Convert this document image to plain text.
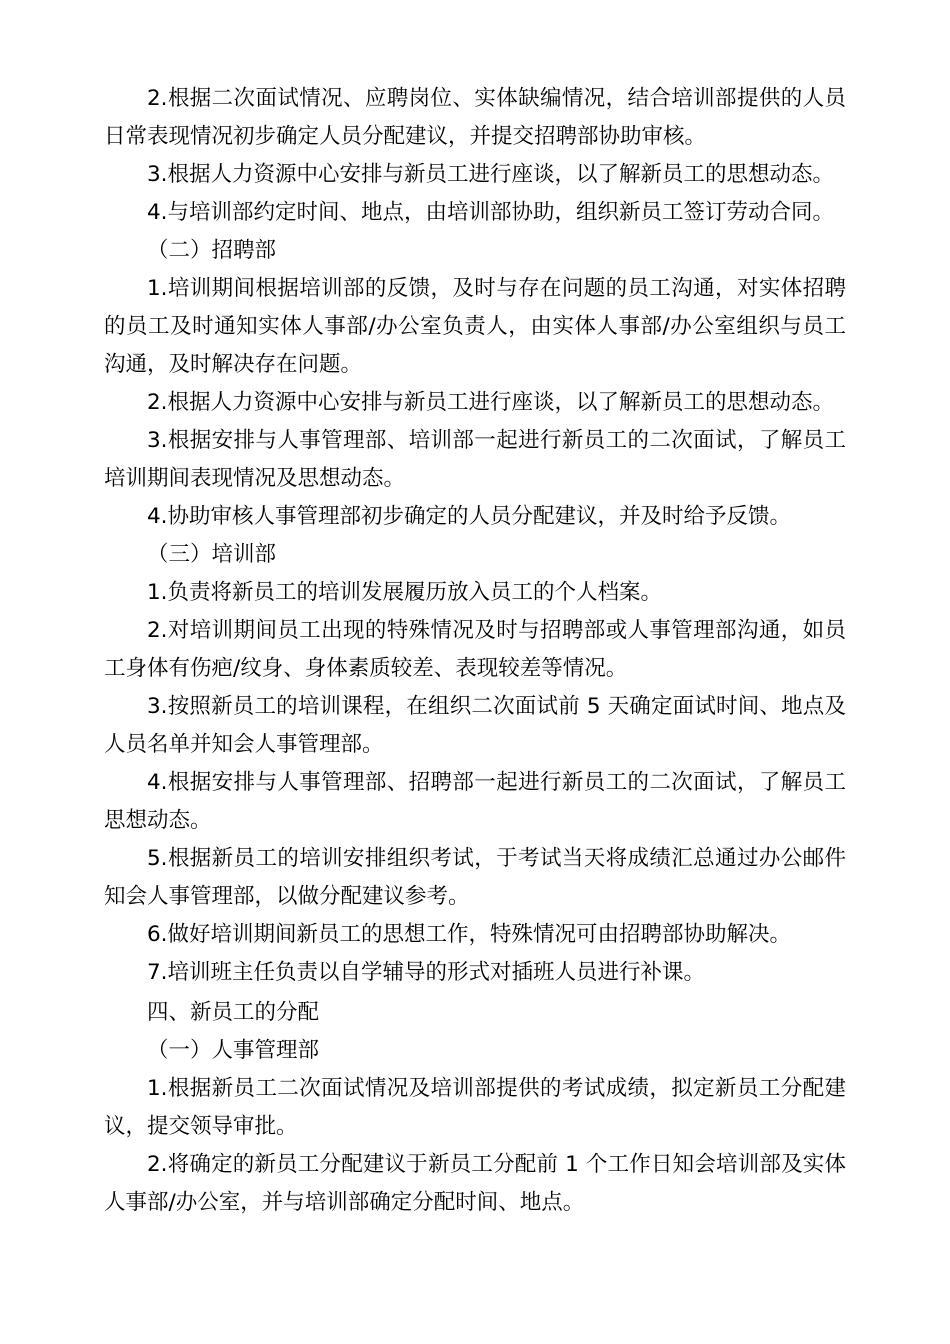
2.根据二次面试情况、应聘岗位、实体缺编情况，结合培训部提供的人员日常表现情况初步确定人员分配建议，并提交招聘部协助审核。

3.根据人力资源中心安排与新员工进行座谈，以了解新员工的思想动态。

4.与培训部约定时间、地点，由培训部协助，组织新员工签订劳动合同。

（二）招聘部

1.培训期间根据培训部的反馈，及时与存在问题的员工沟通，对实体招聘的员工及时通知实体人事部/办公室负责人，由实体人事部/办公室组织与员工沟通，及时解决存在问题。

2.根据人力资源中心安排与新员工进行座谈，以了解新员工的思想动态。

3.根据安排与人事管理部、培训部一起进行新员工的二次面试，了解员工培训期间表现情况及思想动态。

4.协助审核人事管理部初步确定的人员分配建议，并及时给予反馈。

（三）培训部

1.负责将新员工的培训发展履历放入员工的个人档案。

2.对培训期间员工出现的特殊情况及时与招聘部或人事管理部沟通，如员工身体有伤疤/纹身、身体素质较差、表现较差等情况。

3.按照新员工的培训课程，在组织二次面试前 5 天确定面试时间、地点及人员名单并知会人事管理部。

4.根据安排与人事管理部、招聘部一起进行新员工的二次面试，了解员工思想动态。

5.根据新员工的培训安排组织考试，于考试当天将成绩汇总通过办公邮件知会人事管理部，以做分配建议参考。

6.做好培训期间新员工的思想工作，特殊情况可由招聘部协助解决。

7.培训班主任负责以自学辅导的形式对插班人员进行补课。

四、新员工的分配

（一）人事管理部

1.根据新员工二次面试情况及培训部提供的考试成绩，拟定新员工分配建议，提交领导审批。

2.将确定的新员工分配建议于新员工分配前 1 个工作日知会培训部及实体人事部/办公室，并与培训部确定分配时间、地点。
